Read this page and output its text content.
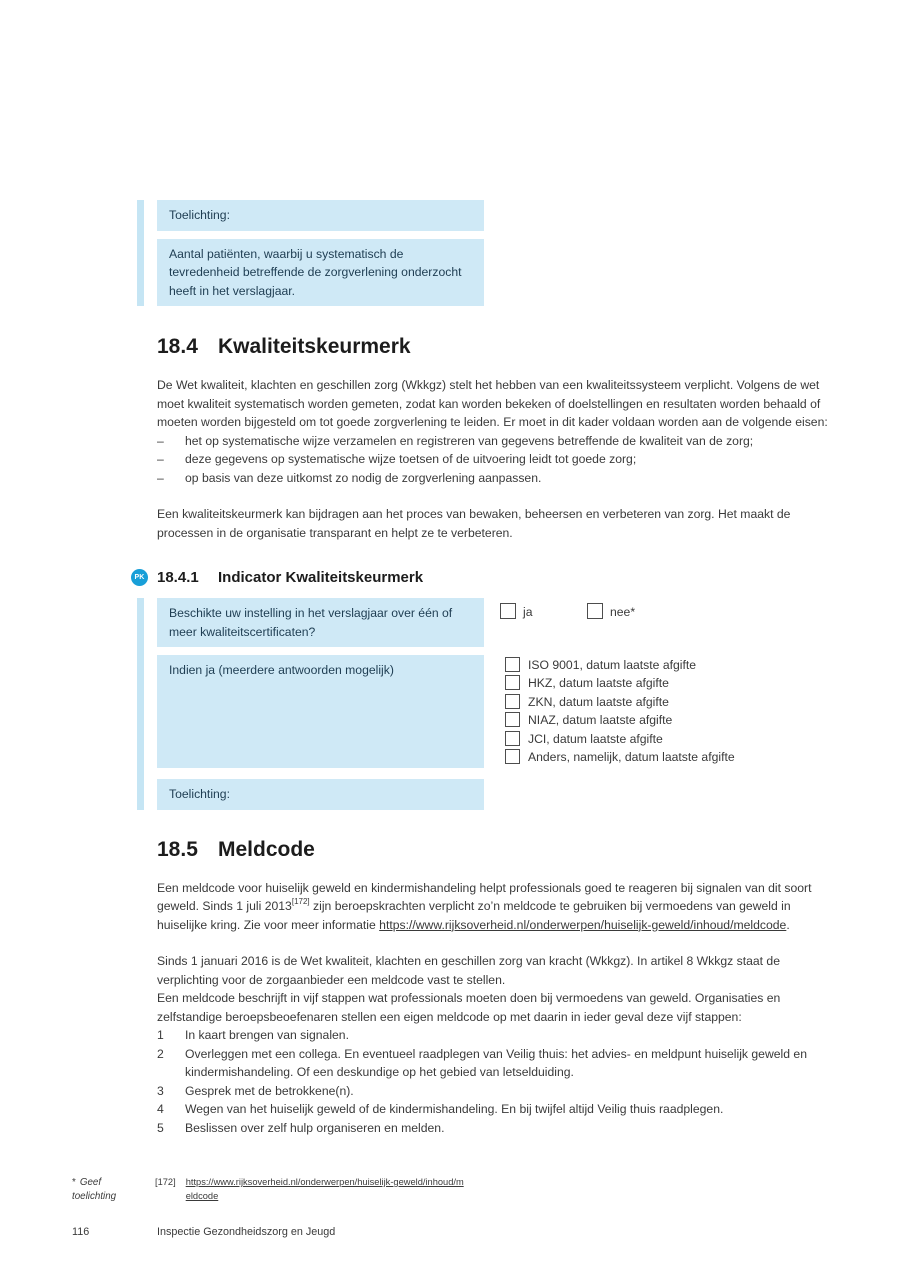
Toelichting:
Aantal patiënten, waarbij u systematisch de tevredenheid betreffende de zorgverlening onderzocht heeft in het verslagjaar.
18.4 Kwaliteitskeurmerk

De Wet kwaliteit, klachten en geschillen zorg (Wkkgz) stelt het hebben van een kwaliteitssysteem verplicht. Volgens de wet moet kwaliteit systematisch worden gemeten, zodat kan worden bekeken of doelstellingen en resultaten worden behaald of moeten worden bijgesteld om tot goede zorgverlening te leiden. Er moet in dit kader voldaan worden aan de volgende eisen:

–	het op systematische wijze verzamelen en registreren van gegevens betreffende de kwaliteit van de zorg;
–	deze gegevens op systematische wijze toetsen of de uitvoering leidt tot goede zorg;
–	op basis van deze uitkomst zo nodig de zorgverlening aanpassen.

Een kwaliteitskeurmerk kan bijdragen aan het proces van bewaken, beheersen en verbeteren van zorg. Het maakt de processen in de organisatie transparant en helpt ze te verbeteren.

PK 18.4.1	Indicator Kwaliteitskeurmerk
Beschikte uw instelling in het verslagjaar over één of meer kwaliteitscertificaten?
ja	nee*
Indien ja (meerdere antwoorden mogelijk)	ISO 9001, datum laatste afgifte
HKZ, datum laatste afgifte
ZKN, datum laatste afgifte
NIAZ, datum laatste afgifte
JCI, datum laatste afgifte
Anders, namelijk, datum laatste afgifte
Toelichting:
18.5 Meldcode

Een meldcode voor huiselijk geweld en kindermishandeling helpt professionals goed te reageren bij signalen van dit soort geweld. Sinds 1 juli 2013[172] zijn beroepskrachten verplicht zo’n meldcode te gebruiken bij vermoedens van geweld in huiselijke kring. Zie voor meer informatie https://www.rijksoverheid.nl/onderwerpen/huiselijk-geweld/inhoud/meldcode.

Sinds 1 januari 2016 is de Wet kwaliteit, klachten en geschillen zorg van kracht (Wkkgz). In artikel 8 Wkkgz staat de verplichting voor de zorgaanbieder een meldcode vast te stellen.
Een meldcode beschrijft in vijf stappen wat professionals moeten doen bij vermoedens van geweld. Organisaties en zelfstandige beroepsbeoefenaren stellen een eigen meldcode op met daarin in ieder geval deze vijf stappen:

1	In kaart brengen van signalen.
2	Overleggen met een collega. En eventueel raadplegen van Veilig thuis: het advies- en meldpunt huiselijk geweld en kindermishandeling. Of een deskundige op het gebied van letselduiding.
3	Gesprek met de betrokkene(n).
4	Wegen van het huiselijk geweld of de kindermishandeling. En bij twijfel altijd Veilig thuis raadplegen.
5	Beslissen over zelf hulp organiseren en melden.
* Geef toelichting
[172] https://www.rijksoverheid.nl/onderwerpen/huiselijk-geweld/inhoud/meldcode
116	Inspectie Gezondheidszorg en Jeugd
